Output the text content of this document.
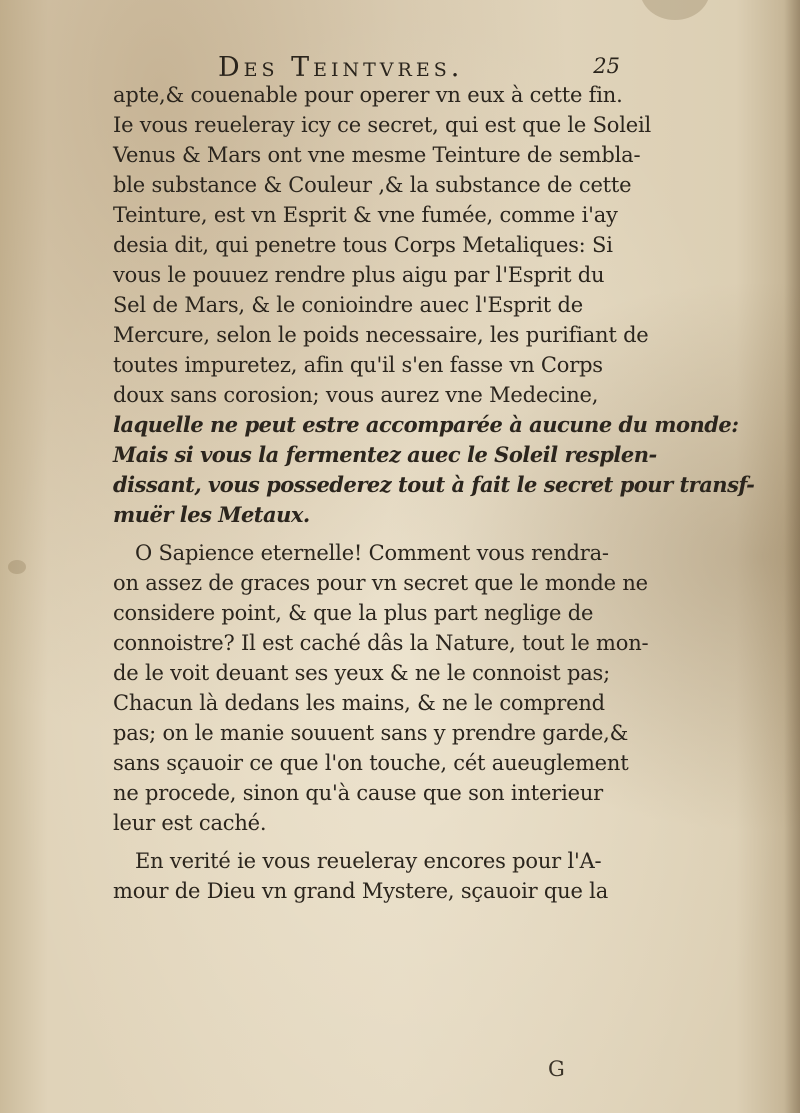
Des Teintvres.	25
apte,& couenable pour operer vn eux à cette fin.
Ie vous reueleray icy ce secret, qui est que le Soleil
Venus & Mars ont vne mesme Teinture de sembla-
ble substance & Couleur ,& la substance de cette
Teinture, est vn Esprit & vne fumée, comme i'ay
desia dit, qui penetre tous Corps Metaliques: Si
vous le pouuez rendre plus aigu par l'Esprit du
Sel de Mars, & le conioindre auec l'Esprit de
Mercure, selon le poids necessaire, les purifiant de
toutes impuretez, afin qu'il s'en fasse vn Corps
doux sans corosion; vous aurez vne Medecine,
laquelle ne peut estre accomparée à aucune du monde:
Mais si vous la fermentez auec le Soleil resplen-
dissant, vous possederez tout à fait le secret pour transf-
muër les Metaux.
O Sapience eternelle! Comment vous rendra-
on assez de graces pour vn secret que le monde ne
considere point, & que la plus part neglige de
connoistre? Il est caché dâs la Nature, tout le mon-
de le voit deuant ses yeux & ne le connoist pas;
Chacun là dedans les mains, & ne le comprend
pas; on le manie souuent sans y prendre garde,&
sans sçauoir ce que l'on touche, cét aueuglement
ne procede, sinon qu'à cause que son interieur
leur est caché.
En verité ie vous reueleray encores pour l'A-
mour de Dieu vn grand Mystere, sçauoir que la
G
